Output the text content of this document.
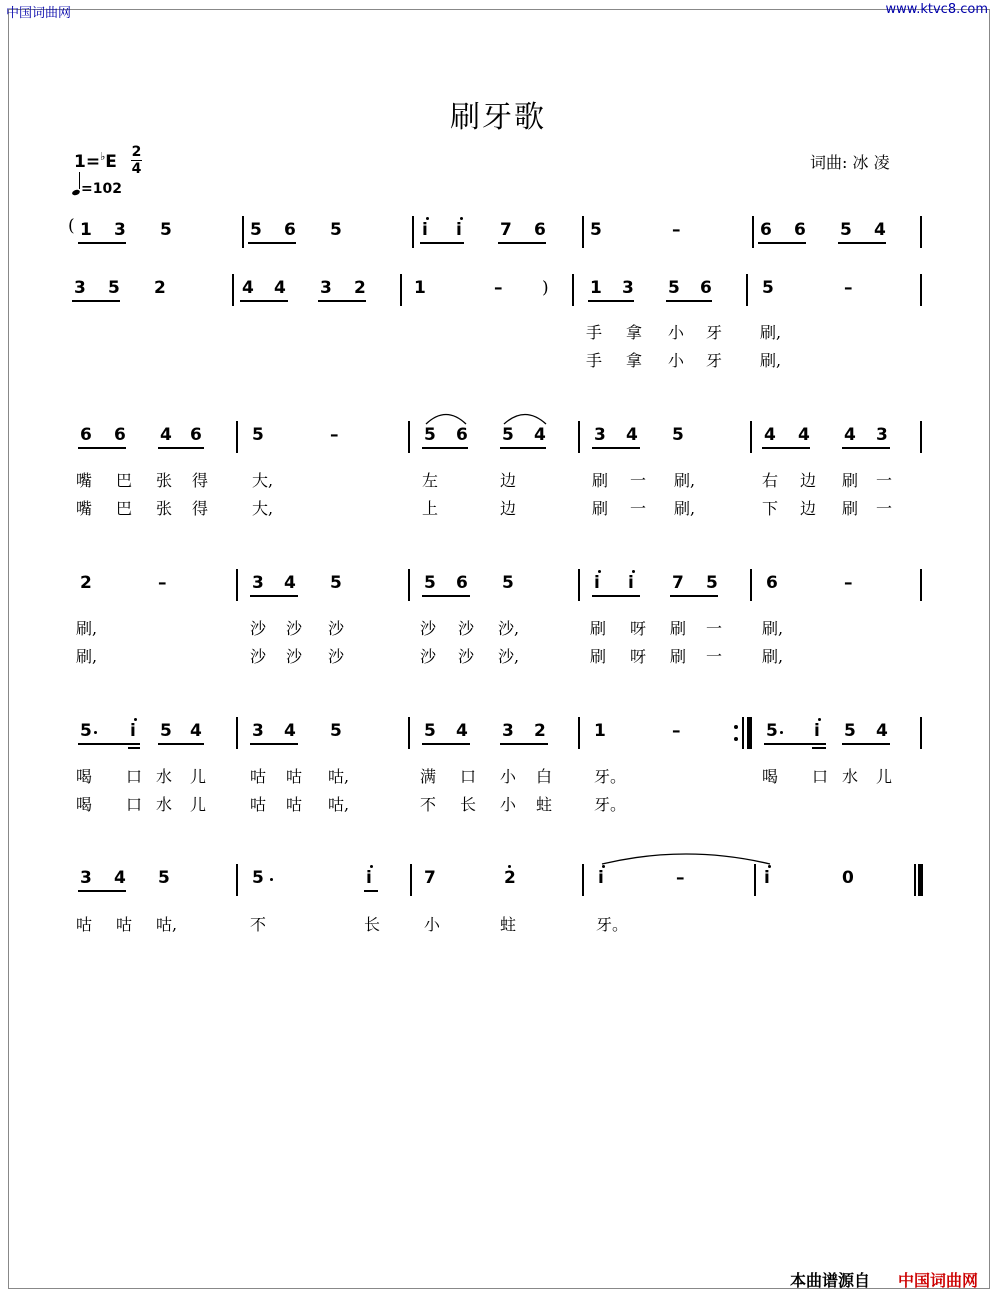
中国词曲网	www.ktvc8.com
刷牙歌
1=♭E 2
4
=102
词曲: 冰 凌
( 1 3 5	5 6 5	i i 7 6	5	–	6 6 5 4
3 5 2	4 4 3 2	1	– ) 1 3 5 6	5	–
6 6 4 6	5	–	5 6 5 4	3 4 5	4 4 4 3
2	–	3 4 5	5 6 5	i i 7 5	6	–
5 i 5 4	3 4 5	5 4 3 2	1	–	5 i 5 4
3 4 5	5	i	7	2	i	–	i	0
手 拿 小 牙 刷,
手 拿 小 牙 刷,
嘴 巴 张 得	大,	左	边	刷 一 刷,	右 边 刷 一
嘴 巴 张 得	大,	上	边	刷 一 刷,	下 边 刷 一
刷,	沙 沙 沙	沙 沙 沙,	刷 呀 刷 一 刷,
刷,	沙 沙 沙	沙 沙 沙,	刷 呀 刷 一 刷,
喝 口 水 儿	咕 咕 咕,	满 口 小 白	牙。	喝 口 水 儿
喝 口 水 儿	咕 咕 咕,	不 长 小 蛀	牙。
咕 咕 咕,	不	长	小	蛀	牙。
本曲谱源自 中国词曲网
